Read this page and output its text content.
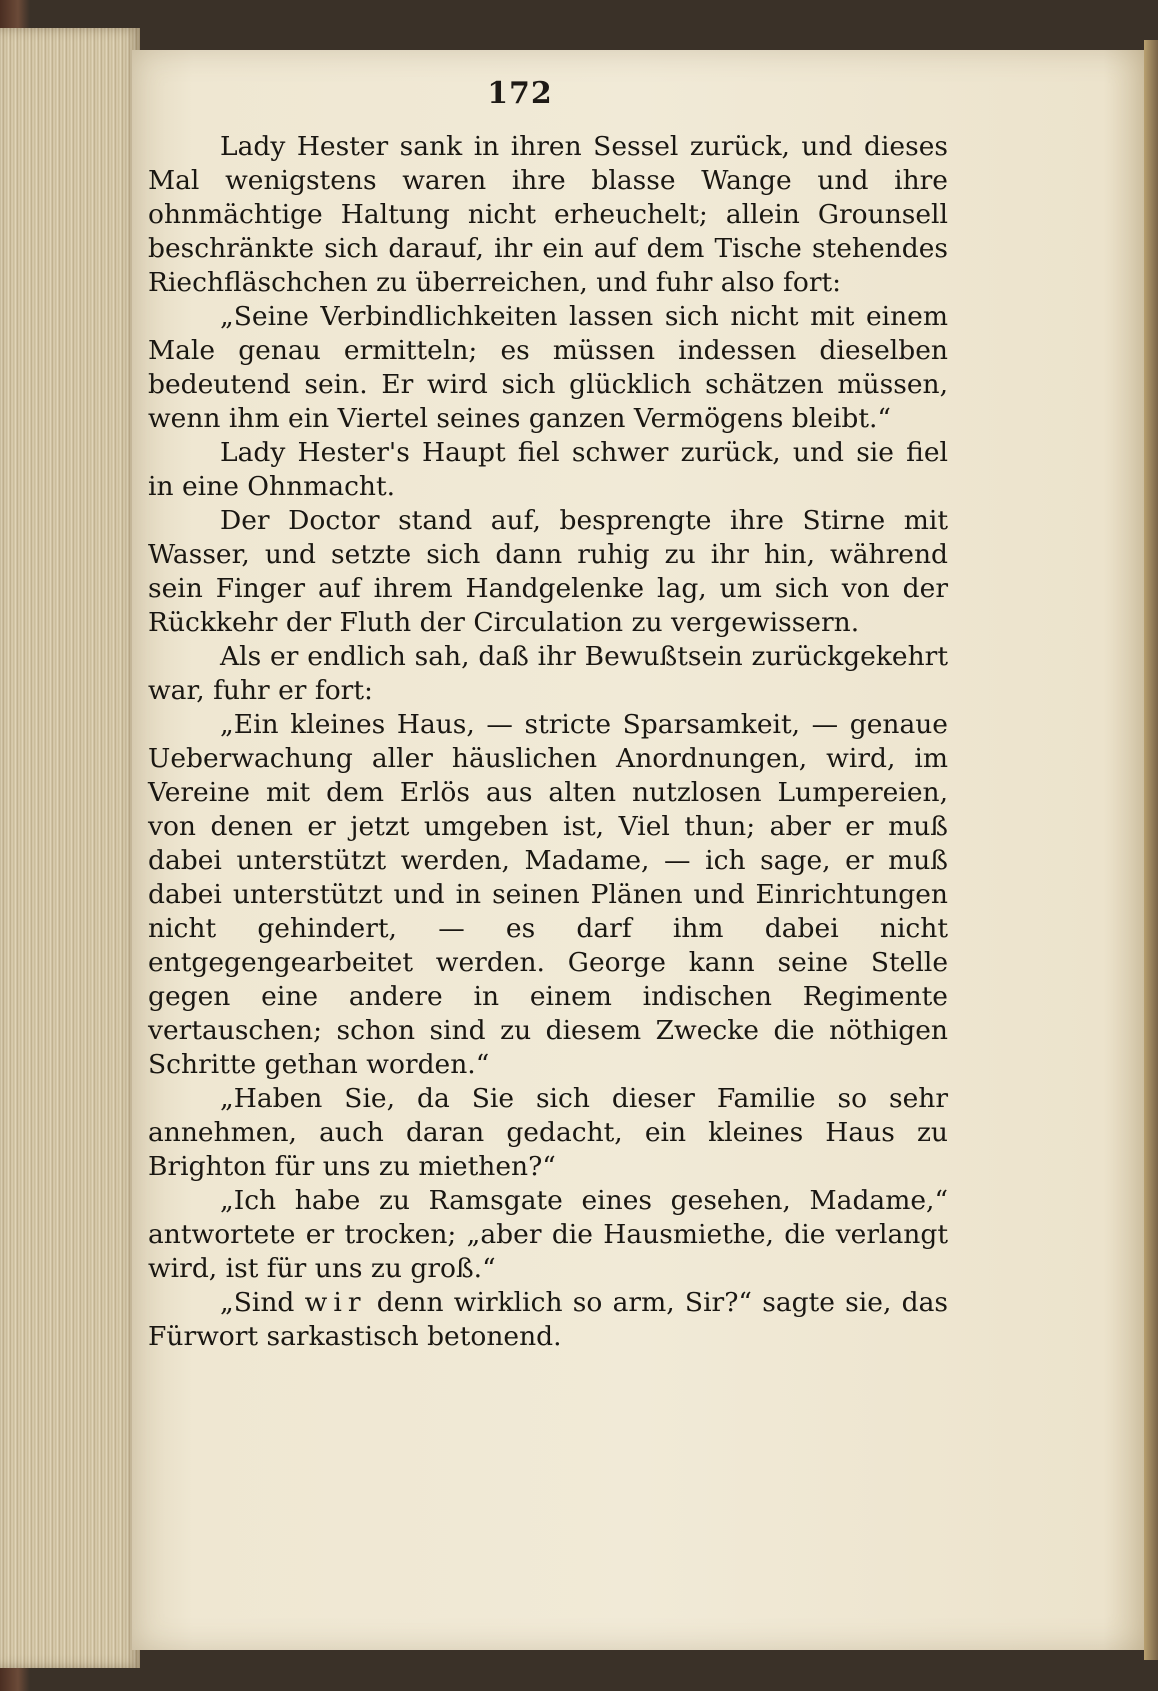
172

Lady Hester sank in ihren Sessel zurück, und dieses Mal wenigstens waren ihre blasse Wange und ihre ohnmächtige Haltung nicht erheuchelt; allein Grounsell beschränkte sich darauf, ihr ein auf dem Tische stehendes Riechfläschchen zu überreichen, und fuhr also fort:

„Seine Verbindlichkeiten lassen sich nicht mit einem Male genau ermitteln; es müssen indessen dieselben bedeutend sein. Er wird sich glücklich schätzen müssen, wenn ihm ein Viertel seines ganzen Vermögens bleibt.“

Lady Hester's Haupt fiel schwer zurück, und sie fiel in eine Ohnmacht.

Der Doctor stand auf, besprengte ihre Stirne mit Wasser, und setzte sich dann ruhig zu ihr hin, während sein Finger auf ihrem Handgelenke lag, um sich von der Rückkehr der Fluth der Circulation zu vergewissern.

Als er endlich sah, daß ihr Bewußtsein zurückgekehrt war, fuhr er fort:

„Ein kleines Haus, — stricte Sparsamkeit, — genaue Ueberwachung aller häuslichen Anordnungen, wird, im Vereine mit dem Erlös aus alten nutzlosen Lumpereien, von denen er jetzt umgeben ist, Viel thun; aber er muß dabei unterstützt werden, Madame, — ich sage, er muß dabei unterstützt und in seinen Plänen und Einrichtungen nicht gehindert, — es darf ihm dabei nicht entgegengearbeitet werden. George kann seine Stelle gegen eine andere in einem indischen Regimente vertauschen; schon sind zu diesem Zwecke die nöthigen Schritte gethan worden.“

„Haben Sie, da Sie sich dieser Familie so sehr annehmen, auch daran gedacht, ein kleines Haus zu Brighton für uns zu miethen?“

„Ich habe zu Ramsgate eines gesehen, Madame,“ antwortete er trocken; „aber die Hausmiethe, die verlangt wird, ist für uns zu groß.“

„Sind wir denn wirklich so arm, Sir?“ sagte sie, das Fürwort sarkastisch betonend.
